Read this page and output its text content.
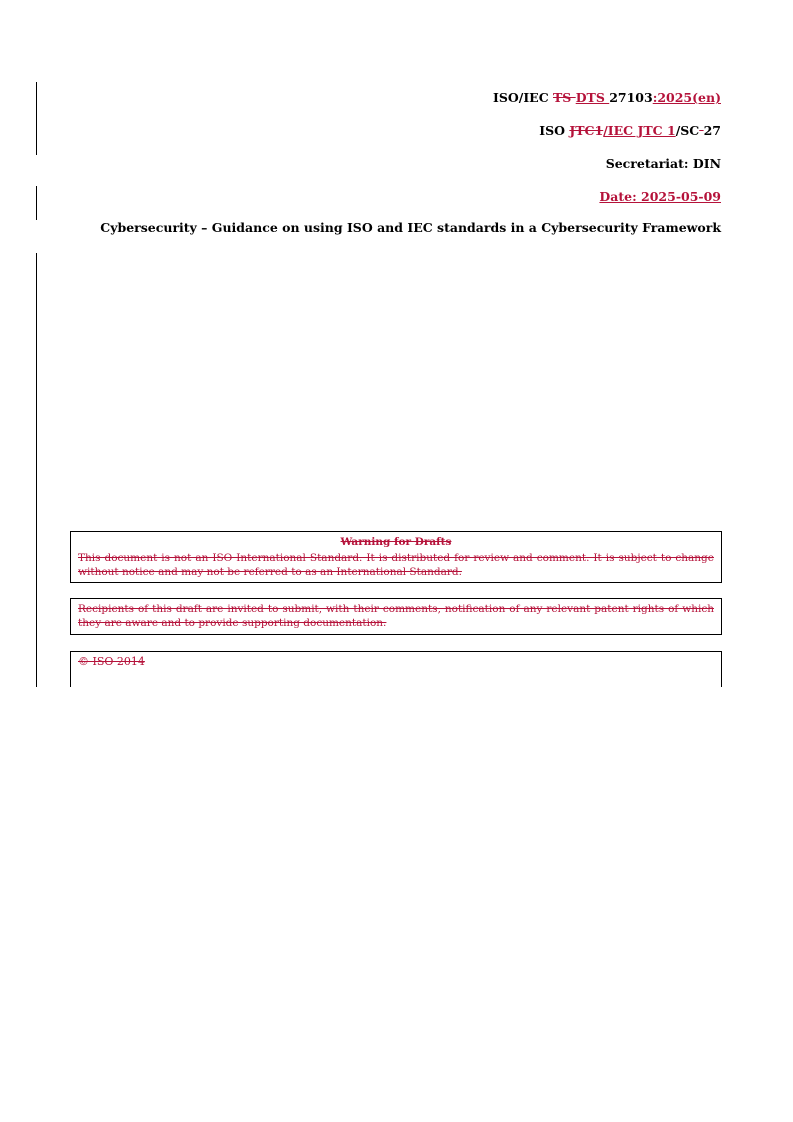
ISO/IEC TS DTS 27103:2025(en)
ISO JTC1/IEC JTC 1/SC 27
Secretariat: DIN
Date: 2025-05-09
Cybersecurity – Guidance on using ISO and IEC standards in a Cybersecurity Framework

Warning for Drafts

This document is not an ISO International Standard. It is distributed for review and comment. It is subject to change without notice and may not be referred to as an International Standard.

Recipients of this draft are invited to submit, with their comments, notification of any relevant patent rights of which they are aware and to provide supporting documentation.

© ISO 2014
